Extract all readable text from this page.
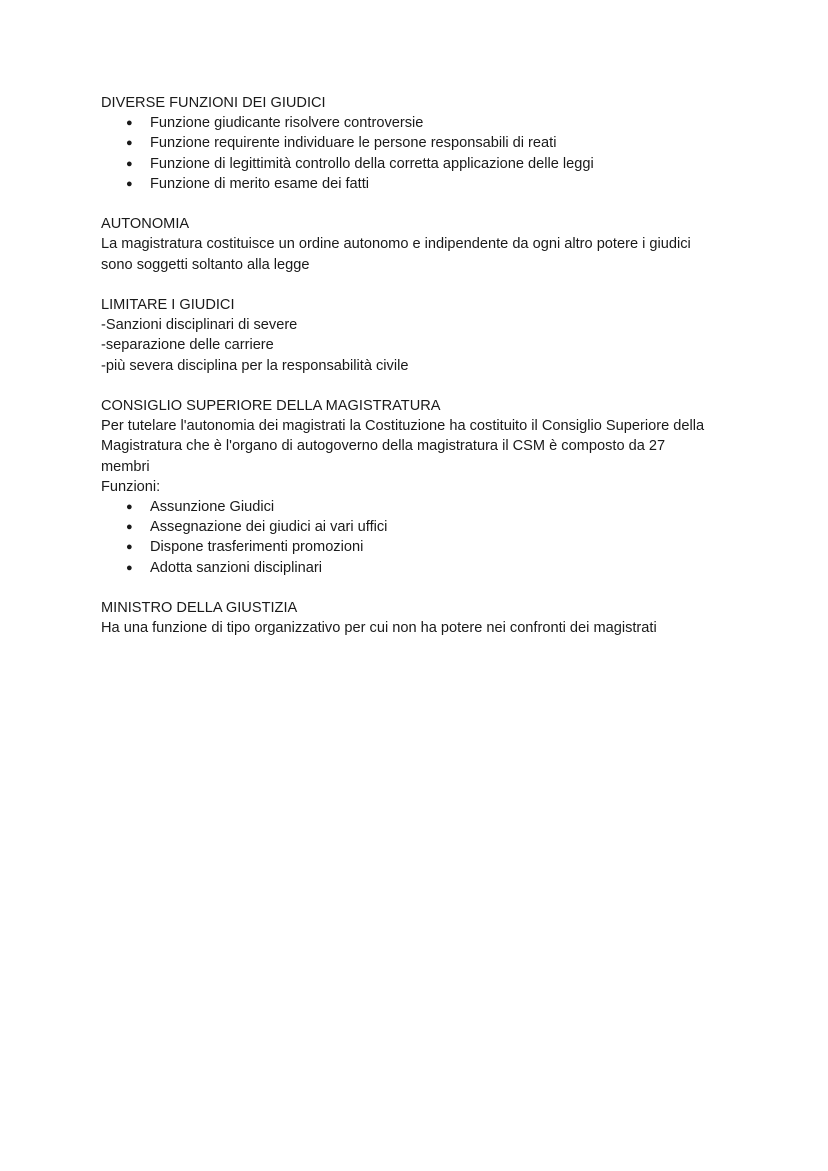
DIVERSE FUNZIONI DEI GIUDICI

● Funzione giudicante risolvere controversie
● Funzione requirente individuare le persone responsabili di reati
● Funzione di legittimità controllo della corretta applicazione delle leggi
● Funzione di merito esame dei fatti

AUTONOMIA

La magistratura costituisce un ordine autonomo e indipendente da ogni altro potere i giudici sono soggetti soltanto alla legge

LIMITARE I GIUDICI

-Sanzioni disciplinari di severe

-separazione delle carriere

-più severa disciplina per la responsabilità civile

CONSIGLIO SUPERIORE DELLA MAGISTRATURA

Per tutelare l'autonomia dei magistrati la Costituzione ha costituito il Consiglio Superiore della Magistratura che è l'organo di autogoverno della magistratura il CSM è composto da 27 membri

Funzioni:

● Assunzione Giudici
● Assegnazione dei giudici ai vari uffici
● Dispone trasferimenti promozioni
● Adotta sanzioni disciplinari

MINISTRO DELLA GIUSTIZIA

Ha una funzione di tipo organizzativo per cui non ha potere nei confronti dei magistrati
